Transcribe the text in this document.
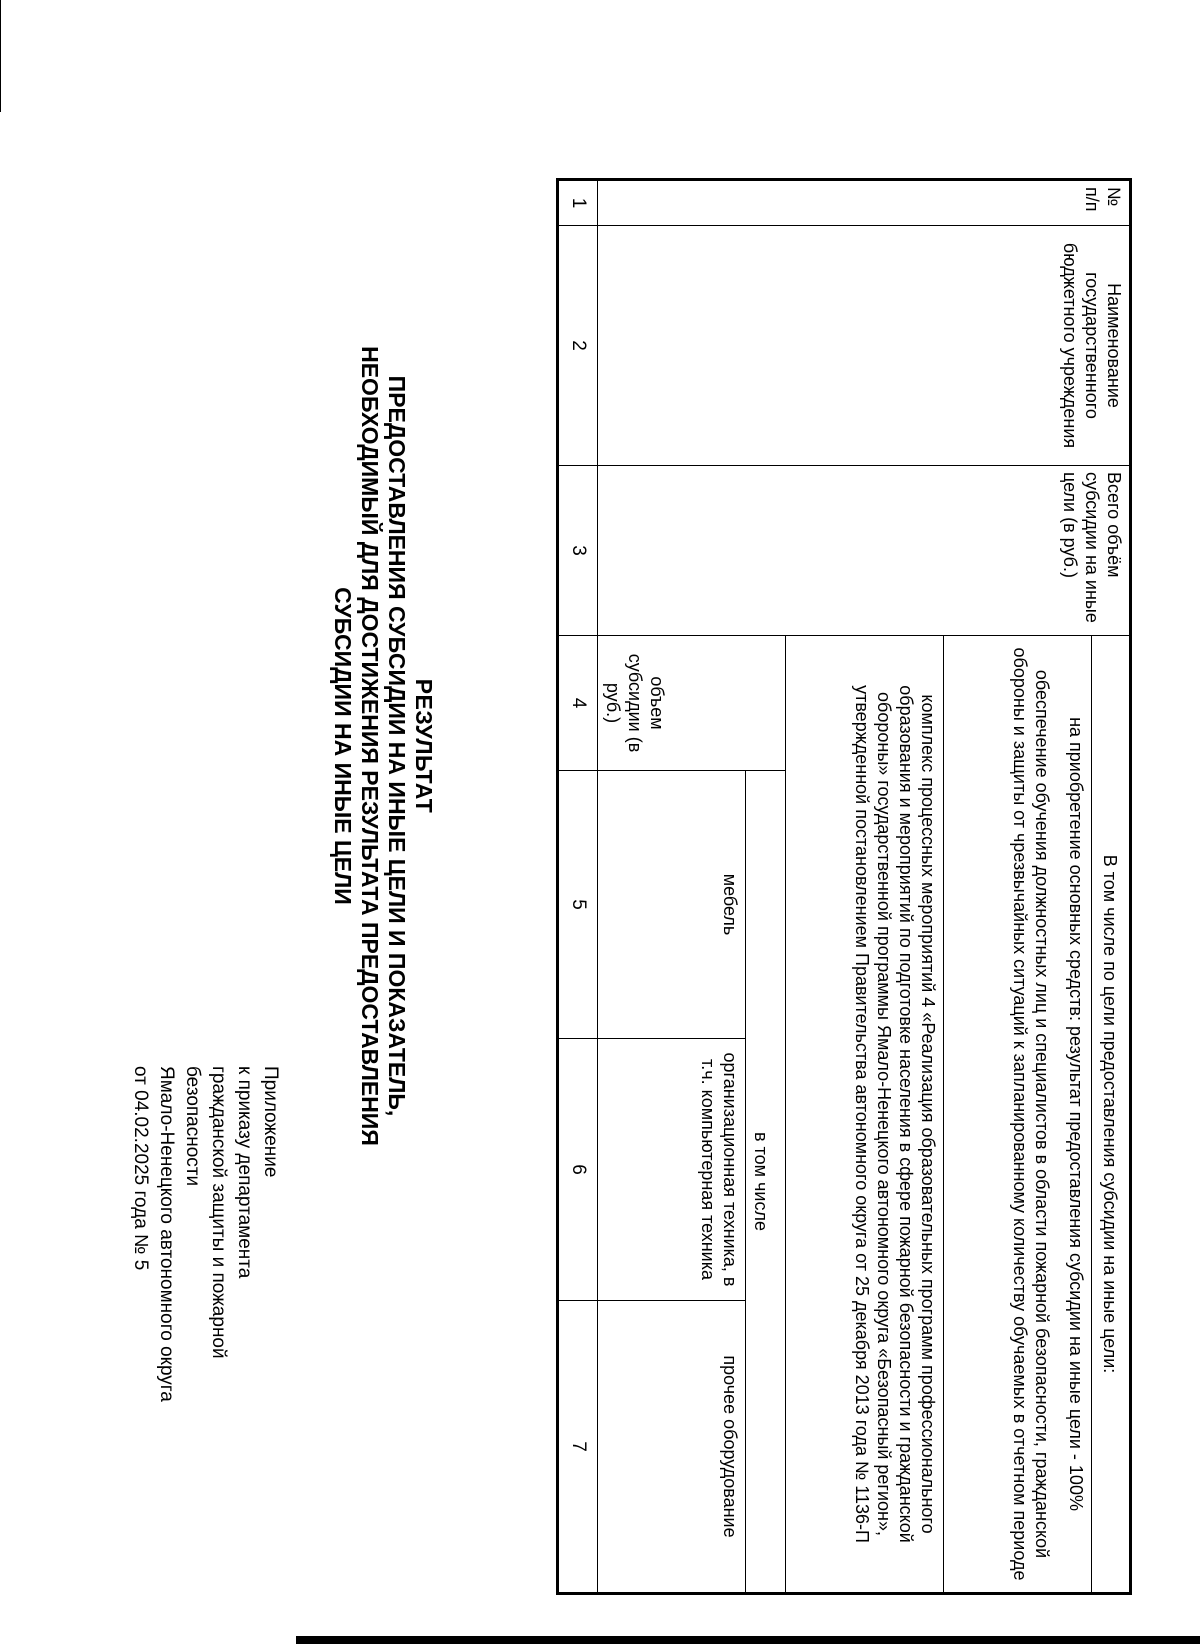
Приложение
к приказу департамента
гражданской защиты и пожарной
безопасности
Ямало-Ненецкого автономного округа
от 04.02.2025 года № 5
РЕЗУЛЬТАТ
ПРЕДОСТАВЛЕНИЯ СУБСИДИИ НА ИНЫЕ ЦЕЛИ И ПОКАЗАТЕЛЬ,
НЕОБХОДИМЫЙ ДЛЯ ДОСТИЖЕНИЯ РЕЗУЛЬТАТА ПРЕДОСТАВЛЕНИЯ
СУБСИДИИ НА ИНЫЕ ЦЕЛИ
№ п/п	Наименование государственного бюджетного учреждения	Всего объём субсидии на иные цели (в руб.)	В том числе по цели предоставления субсидии на иные цели:			

			на приобретение основных средств: результат предоставления субсидии на иные цели - 100%

обеспечение обучения должностных лиц и специалистов в области пожарной безопасности, гражданской обороны и защиты от чрезвычайных ситуаций к запланированному количеству обучаемых в отчетном периоде			

			комплекс процессных мероприятий 4 «Реализация образовательных программ профессионального образования и мероприятий по подготовке населения в сфере пожарной безопасности и гражданской обороны» государственной программы Ямало-Ненецкого автономного округа «Безопасный регион», утвержденной постановлением Правительства автономного округа от 25 декабря 2013 года № 1136-П			
			объем субсидии (в руб.)	в том числе		
				мебель	организационная техника, в т.ч. компьютерная техника	прочее оборудование
1	2	3	4	5	6	7
